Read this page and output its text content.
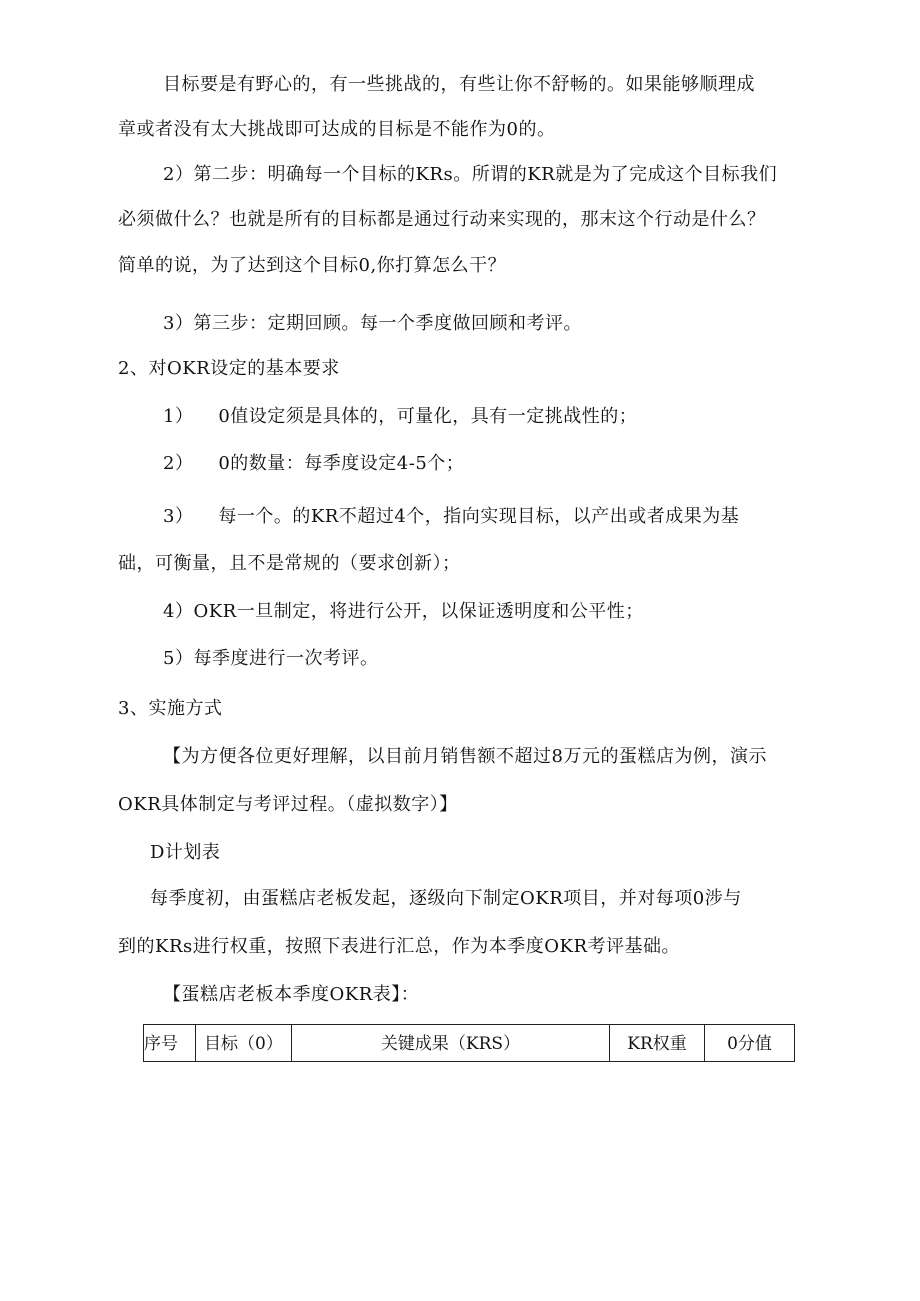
目标要是有野心的，有一些挑战的，有些让你不舒畅的。如果能够顺理成
章或者没有太大挑战即可达成的目标是不能作为0的。
2）第二步：明确每一个目标的KRs。所谓的KR就是为了完成这个目标我们
必须做什么？也就是所有的目标都是通过行动来实现的，那末这个行动是什么？
简单的说，为了达到这个目标0,你打算怎么干？
3）第三步：定期回顾。每一个季度做回顾和考评。
2、对OKR设定的基本要求
1）    0值设定须是具体的，可量化，具有一定挑战性的；
2）    0的数量：每季度设定4-5个；
3）    每一个。的KR不超过4个，指向实现目标，以产出或者成果为基
础，可衡量，且不是常规的（要求创新）；
4）OKR一旦制定，将进行公开，以保证透明度和公平性；
5）每季度进行一次考评。
3、实施方式
【为方便各位更好理解，以目前月销售额不超过8万元的蛋糕店为例，演示
OKR具体制定与考评过程。（虚拟数字）】
D计划表
每季度初，由蛋糕店老板发起，逐级向下制定OKR项目，并对每项0涉与
到的KRs进行权重，按照下表进行汇总，作为本季度OKR考评基础。
【蛋糕店老板本季度OKR表】：
序号	目标（0）	关键成果（KRS）	KR权重	0分值
